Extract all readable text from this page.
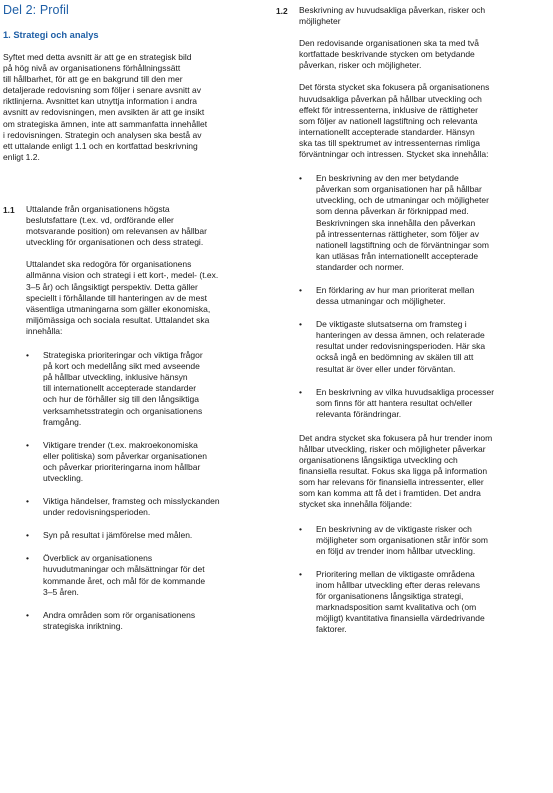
Del 2: Profil
1. Strategi och analys

Syftet med detta avsnitt är att ge en strategisk bild
på hög nivå av organisationens förhållningssätt
till hållbarhet, för att ge en bakgrund till den mer
detaljerade redovisning som följer i senare avsnitt av
riktlinjerna. Avsnittet kan utnyttja information i andra
avsnitt av redovisningen, men avsikten är att ge insikt
om strategiska ämnen, inte att sammanfatta innehållet
i redovisningen. Strategin och analysen ska bestå av
ett uttalande enligt 1.1 och en kortfattad beskrivning
enligt 1.2.

1.1 Uttalande från organisationens högsta
beslutsfattare (t.ex. vd, ordförande eller
motsvarande position) om relevansen av hållbar
utveckling för organisationen och dess strategi.

Uttalandet ska redogöra för organisationens
allmänna vision och strategi i ett kort-, medel- (t.ex.
3–5 år) och långsiktigt perspektiv. Detta gäller
speciellt i förhållande till hanteringen av de mest
väsentliga utmaningarna som gäller ekonomiska,
miljömässiga och sociala resultat. Uttalandet ska
innehålla:

• Strategiska prioriteringar och viktiga frågor
på kort och medellång sikt med avseende
på hållbar utveckling, inklusive hänsyn
till internationellt accepterade standarder
och hur de förhåller sig till den långsiktiga
verksamhetsstrategin och organisationens
framgång.
• Viktigare trender (t.ex. makroekonomiska
eller politiska) som påverkar organisationen
och påverkar prioriteringarna inom hållbar
utveckling.
• Viktiga händelser, framsteg och misslyckanden
under redovisningsperioden.
• Syn på resultat i jämförelse med målen.
• Överblick av organisationens
huvudutmaningar och målsättningar för det
kommande året, och mål för de kommande
3–5 åren.
• Andra områden som rör organisationens
strategiska inriktning.
1.2 Beskrivning av huvudsakliga påverkan, risker och
möjligheter

Den redovisande organisationen ska ta med två
kortfattade beskrivande stycken om betydande
påverkan, risker och möjligheter.

Det första stycket ska fokusera på organisationens
huvudsakliga påverkan på hållbar utveckling och
effekt för intressenterna, inklusive de rättigheter
som följer av nationell lagstiftning och relevanta
internationellt accepterade standarder. Hänsyn
ska tas till spektrumet av intressenternas rimliga
förväntningar och intressen. Stycket ska innehålla:

• En beskrivning av den mer betydande
påverkan som organisationen har på hållbar
utveckling, och de utmaningar och möjligheter
som denna påverkan är förknippad med.
Beskrivningen ska innehålla den påverkan
på intressenternas rättigheter, som följer av
nationell lagstiftning och de förväntningar som
kan utläsas från internationellt accepterade
standarder och normer.
• En förklaring av hur man prioriterat mellan
dessa utmaningar och möjligheter.
• De viktigaste slutsatserna om framsteg i
hanteringen av dessa ämnen, och relaterade
resultat under redovisningsperioden. Här ska
också ingå en bedömning av skälen till att
resultat är över eller under förväntan.
• En beskrivning av vilka huvudsakliga processer
som finns för att hantera resultat och/eller
relevanta förändringar.

Det andra stycket ska fokusera på hur trender inom
hållbar utveckling, risker och möjligheter påverkar
organisationens långsiktiga utveckling och
finansiella resultat. Fokus ska ligga på information
som har relevans för finansiella intressenter, eller
som kan komma att få det i framtiden. Det andra
stycket ska innehålla följande:

• En beskrivning av de viktigaste risker och
möjligheter som organisationen står inför som
en följd av trender inom hållbar utveckling.
• Prioritering mellan de viktigaste områdena
inom hållbar utveckling efter deras relevans
för organisationens långsiktiga strategi,
marknadsposition samt kvalitativa och (om
möjligt) kvantitativa finansiella värdedrivande
faktorer.
